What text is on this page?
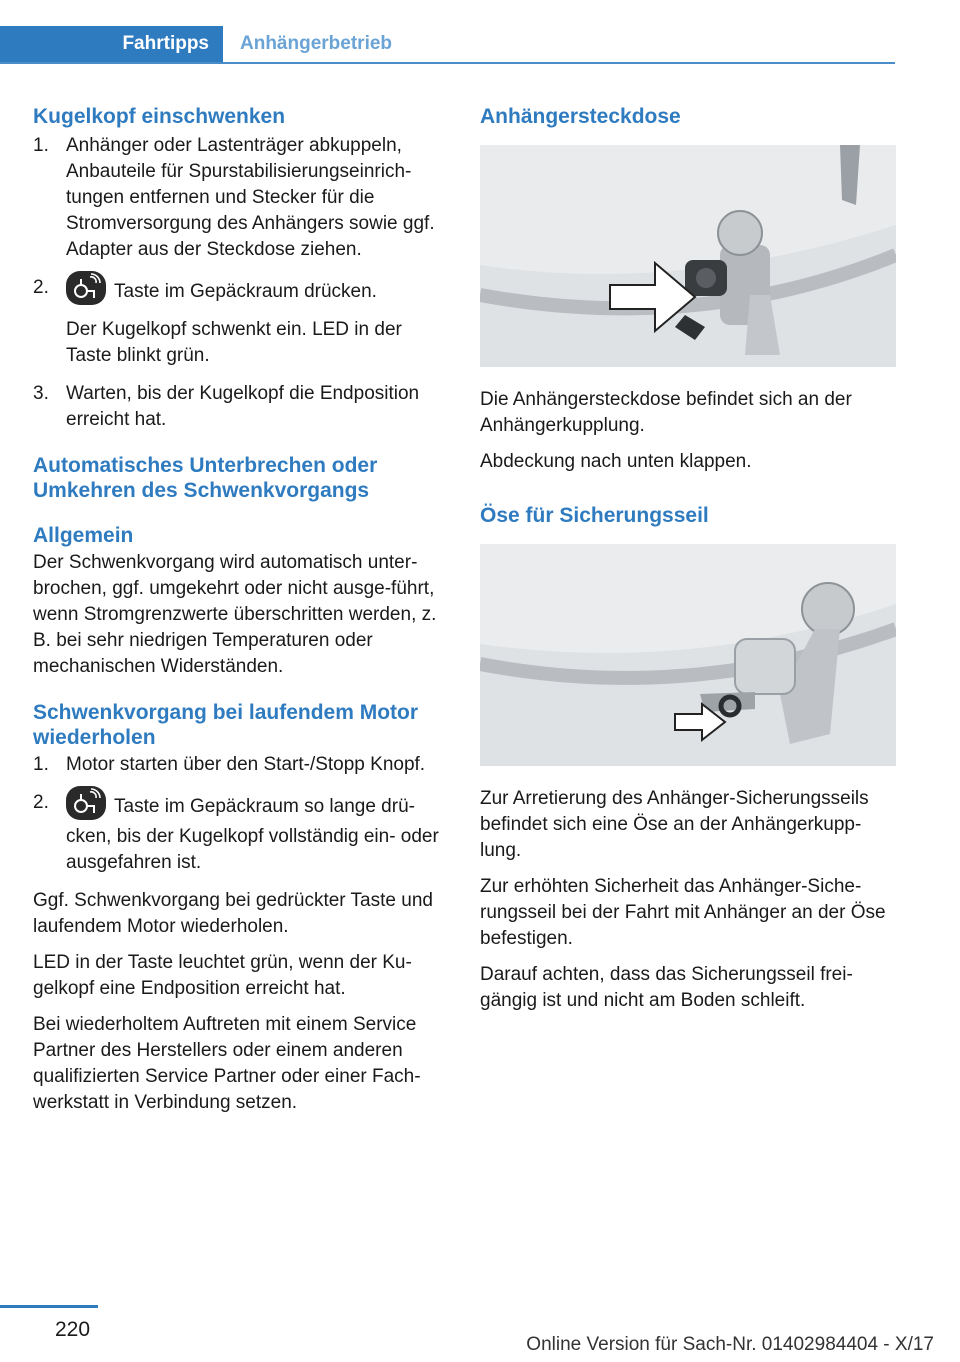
Fahrtipps	Anhängerbetrieb
Kugelkopf einschwenken
1. Anhänger oder Lastenträger abkuppeln, Anbauteile für Spurstabilisierungseinrich-tungen entfernen und Stecker für die Stromversorgung des Anhängers sowie ggf. Adapter aus der Steckdose ziehen.
2.	Taste im Gepäckraum drücken.
Der Kugelkopf schwenkt ein. LED in der Taste blinkt grün.
3. Warten, bis der Kugelkopf die Endposition erreicht hat.
Automatisches Unterbrechen oder Umkehren des Schwenkvorgangs
Allgemein

Der Schwenkvorgang wird automatisch unter-brochen, ggf. umgekehrt oder nicht ausge-führt, wenn Stromgrenzwerte überschritten werden, z. B. bei sehr niedrigen Temperaturen oder mechanischen Widerständen.

Schwenkvorgang bei laufendem Motor wiederholen
1. Motor starten über den Start-/Stopp Knopf.
2.	Taste im Gepäckraum so lange drü-cken, bis der Kugelkopf vollständig ein- oder ausgefahren ist.

Ggf. Schwenkvorgang bei gedrückter Taste und laufendem Motor wiederholen.

LED in der Taste leuchtet grün, wenn der Ku-gelkopf eine Endposition erreicht hat.

Bei wiederholtem Auftreten mit einem Service Partner des Herstellers oder einem anderen qualifizierten Service Partner oder einer Fach-werkstatt in Verbindung setzen.

Anhängersteckdose

Die Anhängersteckdose befindet sich an der Anhängerkupplung.

Abdeckung nach unten klappen.

Öse für Sicherungsseil

Zur Arretierung des Anhänger-Sicherungsseils befindet sich eine Öse an der Anhängerkupp-lung.

Zur erhöhten Sicherheit das Anhänger-Siche-rungsseil bei der Fahrt mit Anhänger an der Öse befestigen.

Darauf achten, dass das Sicherungsseil frei-gängig ist und nicht am Boden schleift.

220
Online Version für Sach-Nr. 01402984404 - X/17
